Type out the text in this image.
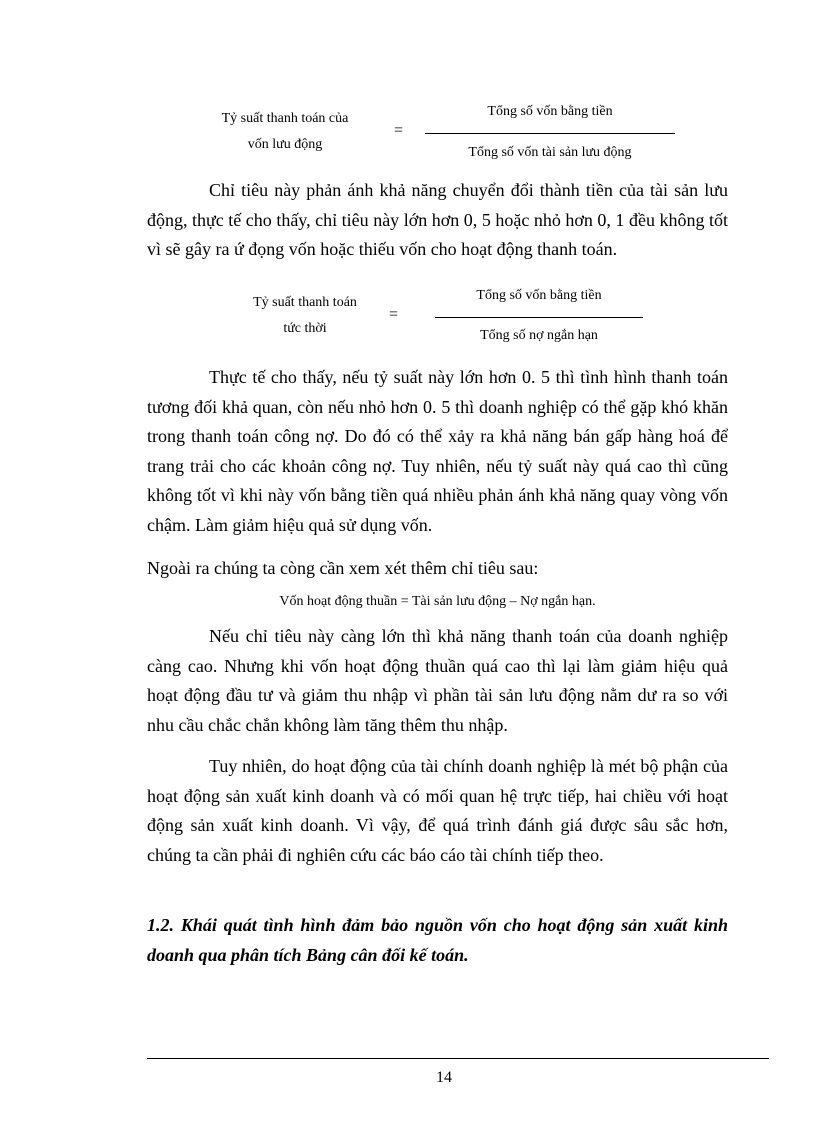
Tỷ suất thanh toán của
vốn lưu động
=
Tổng số vốn bằng tiền
Tổng số vốn tài sản lưu động

Chỉ tiêu này phản ánh khả năng chuyển đổi thành tiền của tài sản lưu động, thực tế cho thấy, chỉ tiêu này lớn hơn 0, 5 hoặc nhỏ hơn 0, 1 đều không tốt vì sẽ gây ra ứ đọng vốn hoặc thiếu vốn cho hoạt động thanh toán.

Tỷ suất thanh toán
tức thời
=
Tổng số vốn bằng tiền
Tổng số nợ ngắn hạn

Thực tế cho thấy, nếu tỷ suất này lớn hơn 0. 5 thì tình hình thanh toán tương đối khả quan, còn nếu nhỏ hơn 0. 5 thì doanh nghiệp có thể gặp khó khăn trong thanh toán công nợ. Do đó có thể xảy ra khả năng bán gấp hàng hoá để trang trải cho các khoản công nợ. Tuy nhiên, nếu tỷ suất này quá cao thì cũng không tốt vì khi này vốn bằng tiền quá nhiều phản ánh khả năng quay vòng vốn chậm. Làm giảm hiệu quả sử dụng vốn.

Ngoài ra chúng ta còng cần xem xét thêm chỉ tiêu sau:

Vốn hoạt động thuần = Tài sản lưu động – Nợ ngắn hạn.

Nếu chỉ tiêu này càng lớn thì khả năng thanh toán của doanh nghiệp càng cao. Nhưng khi vốn hoạt động thuần quá cao thì lại làm giảm hiệu quả hoạt động đầu tư và giảm thu nhập vì phần tài sản lưu động nằm dư ra so với nhu cầu chắc chắn không làm tăng thêm thu nhập.

Tuy nhiên, do hoạt động của tài chính doanh nghiệp là mét bộ phận của hoạt động sản xuất kinh doanh và có mối quan hệ trực tiếp, hai chiều với hoạt động sản xuất kinh doanh. Vì vậy, để quá trình đánh giá được sâu sắc hơn, chúng ta cần phải đi nghiên cứu các báo cáo tài chính tiếp theo.

1.2. Khái quát tình hình đảm bảo nguồn vốn cho hoạt động sản xuất kinh doanh qua phân tích Bảng cân đối kế toán.

14
